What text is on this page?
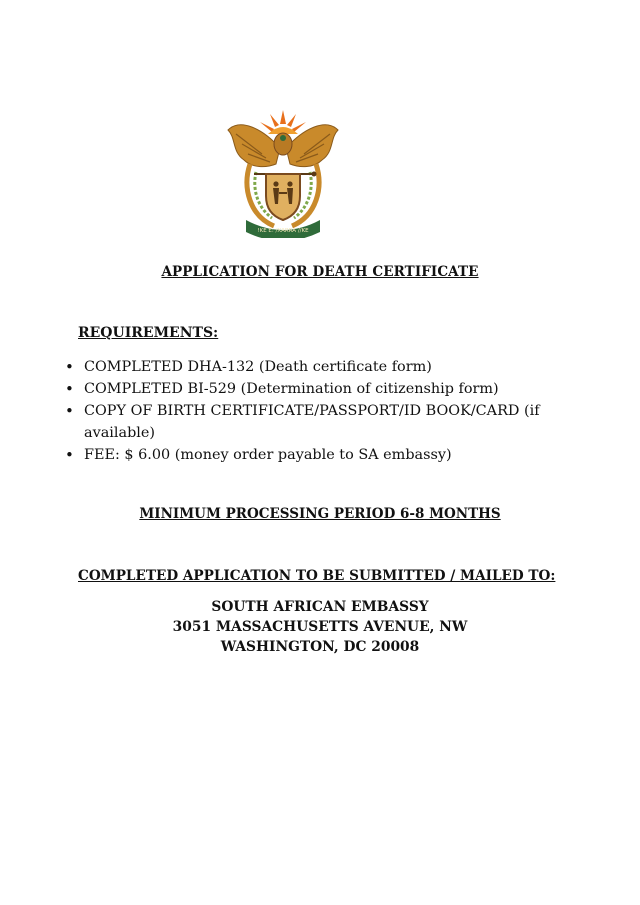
!KE E: /XARRA //KE
APPLICATION FOR DEATH CERTIFICATE
REQUIREMENTS:
• COMPLETED DHA-132 (Death certificate form)
• COMPLETED BI-529 (Determination of citizenship form)
• COPY OF BIRTH CERTIFICATE/PASSPORT/ID BOOK/CARD (if available)
• FEE: $ 6.00 (money order payable to SA embassy)
MINIMUM PROCESSING PERIOD 6-8 MONTHS
COMPLETED APPLICATION TO BE SUBMITTED / MAILED TO:
SOUTH AFRICAN EMBASSY
3051 MASSACHUSETTS AVENUE, NW
WASHINGTON, DC 20008
